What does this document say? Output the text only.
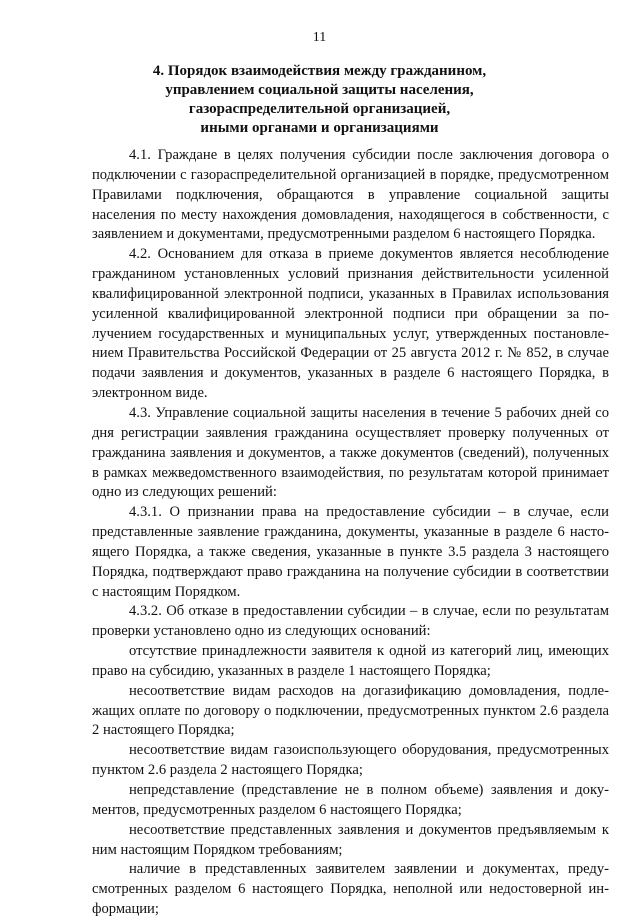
11
4. Порядок взаимодействия между гражданином,
управлением социальной защиты населения,
газораспределительной организацией,
иными органами и организациями

4.1. Граждане в целях получения субсидии после заключения договора о подключении с газораспределительной организацией в порядке, предусмотренном Правилами подключения, обращаются в управление социальной защиты населения по месту нахождения домовладения, находящегося в собственности, с заявлением и документами, предусмотренными разделом 6 настоящего Порядка.

4.2. Основанием для отказа в приеме документов является несоблюдение гражданином установленных условий признания действительности усиленной квалифицированной электронной подписи, указанных в Правилах использования усиленной квалифицированной электронной подписи при обращении за получением государственных и муниципальных услуг, утвержденных постановлением Правительства Российской Федерации от 25 августа 2012 г. № 852, в случае подачи заявления и документов, указанных в разделе 6 настоящего Порядка, в электронном виде.

4.3. Управление социальной защиты населения в течение 5 рабочих дней со дня регистрации заявления гражданина осуществляет проверку полученных от гражданина заявления и документов, а также документов (сведений), полученных в рамках межведомственного взаимодействия, по результатам которой принимает одно из следующих решений:

4.3.1. О признании права на предоставление субсидии – в случае, если представленные заявление гражданина, документы, указанные в разделе 6 настоящего Порядка, а также сведения, указанные в пункте 3.5 раздела 3 настоящего Порядка, подтверждают право гражданина на получение субсидии в соответствии с настоящим Порядком.

4.3.2. Об отказе в предоставлении субсидии – в случае, если по результатам проверки установлено одно из следующих оснований:

отсутствие принадлежности заявителя к одной из категорий лиц, имеющих право на субсидию, указанных в разделе 1 настоящего Порядка;

несоответствие видам расходов на догазификацию домовладения, подлежащих оплате по договору о подключении, предусмотренных пунктом 2.6 раздела 2 настоящего Порядка;

несоответствие видам газоиспользующего оборудования, предусмотренных пунктом 2.6 раздела 2 настоящего Порядка;

непредставление (представление не в полном объеме) заявления и документов, предусмотренных разделом 6 настоящего Порядка;

несоответствие представленных заявления и документов предъявляемым к ним настоящим Порядком требованиям;

наличие в представленных заявителем заявлении и документах, предусмотренных разделом 6 настоящего Порядка, неполной или недостоверной информации;
